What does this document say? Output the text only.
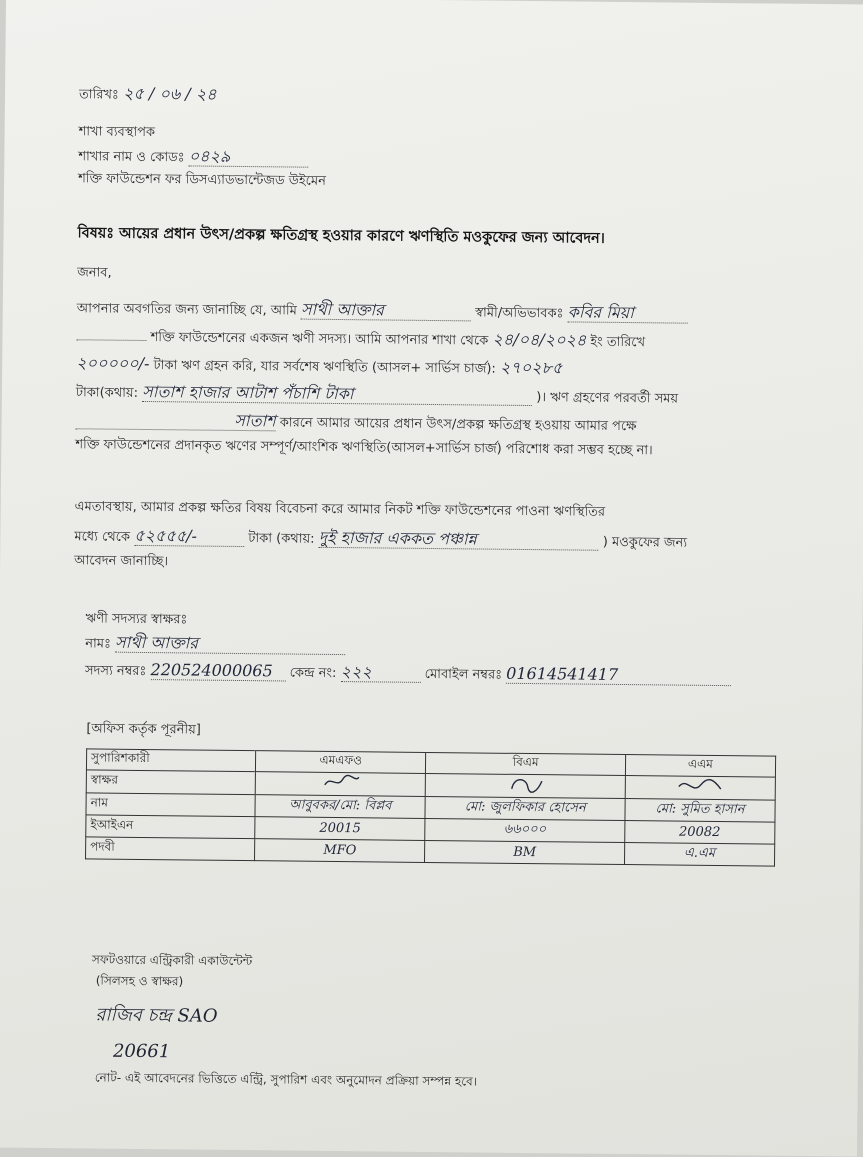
তারিখঃ ২৫ / ০৬ / ২৪
শাখা ব্যবস্থাপক
শাখার নাম ও কোডঃ ০৪২৯
শক্তি ফাউন্ডেশন ফর ডিসএ্যাডভান্টেজড উইমেন
বিষয়ঃ আয়ের প্রধান উৎস/প্রকল্প ক্ষতিগ্রস্থ হওয়ার কারণে ঋণস্থিতি মওকুফের জন্য আবেদন।
জনাব,
আপনার অবগতির জন্য জানাচ্ছি যে, আমি সাথী আক্তার	স্বামী/অভিভাবকঃ কবির মিয়া
শক্তি ফাউন্ডেশনের একজন ঋণী সদস্য। আমি আপনার শাখা থেকে ২৪/০৪/২০২৪ ইং তারিখে
২০০০০০/- টাকা ঋণ গ্রহন করি, যার সর্বশেষ ঋণস্থিতি (আসল+ সার্ভিস চার্জ): ২৭০২৮৫
টাকা(কথায়: সাতাশ হাজার আটাশ পঁচাশি টাকা	)। ঋণ গ্রহণের পরবর্তী সময়
সাতাশ কারনে আমার আয়ের প্রধান উৎস/প্রকল্প ক্ষতিগ্রস্থ হওয়ায় আমার পক্ষে
শক্তি ফাউন্ডেশনের প্রদানকৃত ঋণের সম্পূর্ণ/আংশিক ঋণস্থিতি(আসল+সার্ভিস চার্জ) পরিশোধ করা সম্ভব হচ্ছে না।
এমতাবস্থায়, আমার প্রকল্প ক্ষতির বিষয় বিবেচনা করে আমার নিকট শক্তি ফাউন্ডেশনের পাওনা ঋণস্থিতির
মধ্যে থেকে ৫২৫৫৫/-	টাকা (কথায়: দুই হাজার এককত পঞ্চান্ন	) মওকুফের জন্য
আবেদন জানাচ্ছি।
ঋণী সদস্যর স্বাক্ষরঃ
নামঃ সাথী আক্তার
সদস্য নম্বরঃ 220524000065 কেন্দ্র নং: ২২২	মোবাইল নম্বরঃ 01614541417
[অফিস কর্তৃক পূরনীয়]
সুপারিশকারী	এমএফও	বিএম	এএম
স্বাক্ষর			
নাম	আবুবকর/মো: বিপ্লব	মো: জুলফিকার হোসেন	মো: সুমিত হাসান
ইআইএন	20015	৬৬০০০	20082
পদবী	MFO	BM	এ.এম
সফটওয়ারে এন্ট্রিকারী একাউন্টেন্ট
(সিলসহ ও স্বাক্ষর)
রাজিব চন্দ্র SAO
20661
নোট- এই আবেদনের ভিত্তিতে এন্ট্রি, সুপারিশ এবং অনুমোদন প্রক্রিয়া সম্পন্ন হবে।
